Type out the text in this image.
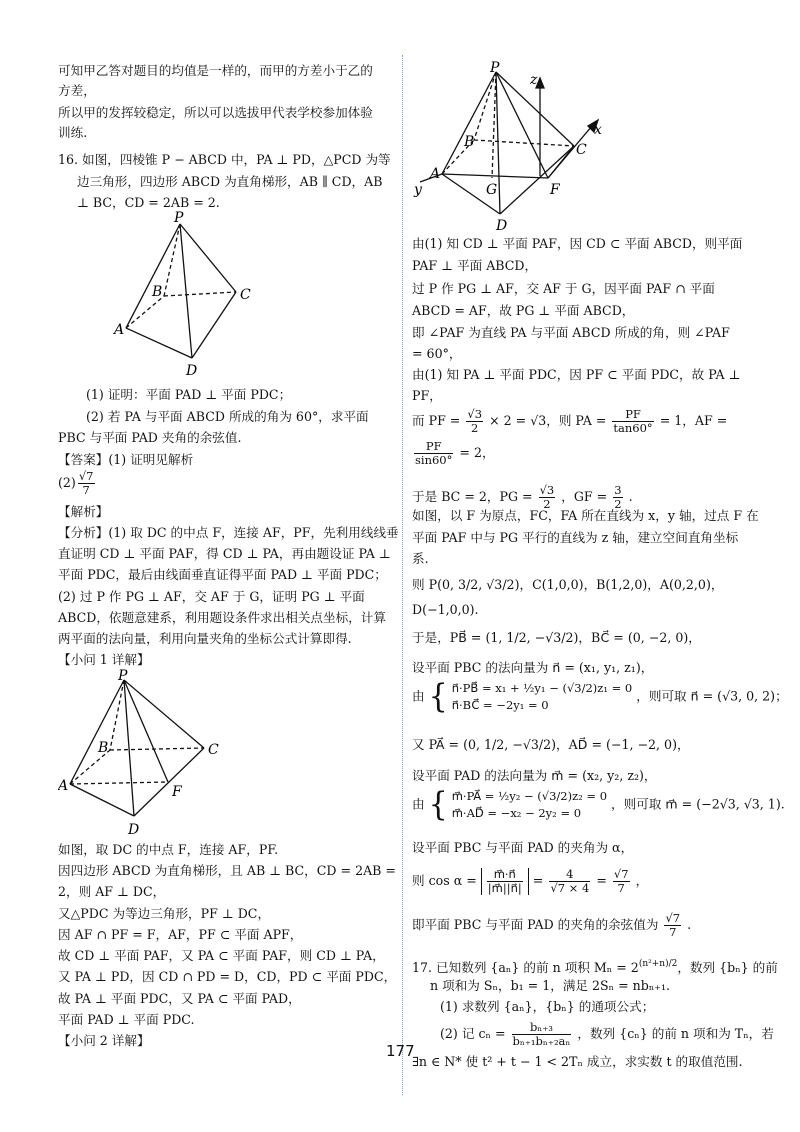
可知甲乙答对题目的均值是一样的，而甲的方差小于乙的
方差，
所以甲的发挥较稳定，所以可以选拔甲代表学校参加体验
训练.
16. 如图，四棱锥 P − ABCD 中，PA ⊥ PD，△PCD 为等
边三角形，四边形 ABCD 为直角梯形，AB ∥ CD，AB
⊥ BC，CD = 2AB = 2.
P
B	C
A
D
(1) 证明：平面 PAD ⊥ 平面 PDC；
(2) 若 PA 与平面 ABCD 所成的角为 60°，求平面
PBC 与平面 PAD 夹角的余弦值.
【答案】(1) 证明见解析
$(2) \frac{√7}{7}$
【解析】
【分析】(1) 取 DC 的中点 F，连接 AF，PF，先利用线线垂
直证明 CD ⊥ 平面 PAF，得 CD ⊥ PA，再由题设证 PA ⊥
平面 PDC，最后由线面垂直证得平面 PAD ⊥ 平面 PDC；
(2) 过 P 作 PG ⊥ AF，交 AF 于 G，证明 PG ⊥ 平面
ABCD，依题意建系，利用题设条件求出相关点坐标，计算
两平面的法向量，利用向量夹角的坐标公式计算即得.
【小问 1 详解】
P
B	C
A	F
D
如图，取 DC 的中点 F，连接 AF，PF.
因四边形 ABCD 为直角梯形，且 AB ⊥ BC，CD = 2AB =
2，则 AF ⊥ DC，
又△PDC 为等边三角形，PF ⊥ DC，
因 AF ∩ PF = F，AF，PF ⊂ 平面 APF，
故 CD ⊥ 平面 PAF，又 PA ⊂ 平面 PAF，则 CD ⊥ PA，
又 PA ⊥ PD，因 CD ∩ PD = D，CD，PD ⊂ 平面 PDC，
故 PA ⊥ 平面 PDC，又 PA ⊂ 平面 PAD，
平面 PAD ⊥ 平面 PDC.
【小问 2 详解】
P
z
x
B	C
A
y	G	F
D
由(1) 知 CD ⊥ 平面 PAF，因 CD ⊂ 平面 ABCD，则平面
PAF ⊥ 平面 ABCD，
过 P 作 PG ⊥ AF，交 AF 于 G，因平面 PAF ∩ 平面
ABCD = AF，故 PG ⊥ 平面 ABCD，
即 ∠PAF 为直线 PA 与平面 ABCD 所成的角，则 ∠PAF
= 60°，
由(1) 知 PA ⊥ 平面 PDC，因 PF ⊂ 平面 PDC，故 PA ⊥
PF，
而 PF = $\frac{√3}{2} \times 2 = √3$，则 PA = $\frac{PF}{\tan 60^\circ} = 1$，AF =
$\frac{PF}{\sin 60^\circ} = 2$，
于是 BC = 2，PG = $\frac{√3}{2}$ ，GF = $\frac{3}{2}$ .
如图，以 F 为原点，FC，FA 所在直线为 x，y 轴，过点 F 在
平面 PAF 中与 PG 平行的直线为 z 轴，建立空间直角坐标
系.
则 P(0, 3/2, √3/2)，C(1,0,0)，B(1,2,0)，A(0,2,0)，
D(−1,0,0).
于是，PB⃗ = (1, 1/2, −√3/2)，BC⃗ = (0, −2, 0)，
设平面 PBC 的法向量为 n⃗ = (x₁, y₁, z₁)，
由 { n⃗·PB⃗ = x₁ + ½y₁ − (√3/2)z₁ = 0
n⃗·BC⃗ = −2y₁ = 0
，则可取 n⃗ = (√3, 0, 2)；
又 PA⃗ = (0, 1/2, −√3/2)，AD⃗ = (−1, −2, 0)，
设平面 PAD 的法向量为 m⃗ = (x₂, y₂, z₂)，
由 { m⃗·PA⃗ = ½y₂ − (√3/2)z₂ = 0
m⃗·AD⃗ = −x₂ − 2y₂ = 0
，则可取 m⃗ = (−2√3, √3, 1).
设平面 PBC 与平面 PAD 的夹角为 α，
则 $\cos \alpha = \frac{m⃗\cdot n⃗}{|m⃗||n⃗|} = \frac{4}{√7 \times 4} = \frac{√7}{7}$ ，
即平面 PBC 与平面 PAD 的夹角的余弦值为 $\frac{√7}{7}$ .
17. 已知数列 {aₙ} 的前 n 项积 $M_n = 2^{(n^2+n)/2}$，数列 {bₙ} 的前
n 项和为 Sₙ，b₁ = 1，满足 2Sₙ = nbₙ₊₁.
(1) 求数列 {aₙ}，{bₙ} 的通项公式；
(2) 记 $c_n = \frac{\text{bₙ₊₃}}{\text{bₙ₊₁bₙ₊₂aₙ}}$ ，数列 {cₙ} 的前 n 项和为 Tₙ，若
∃n ∈ N* 使 t² + t − 1 < 2Tₙ 成立，求实数 t 的取值范围.
177
